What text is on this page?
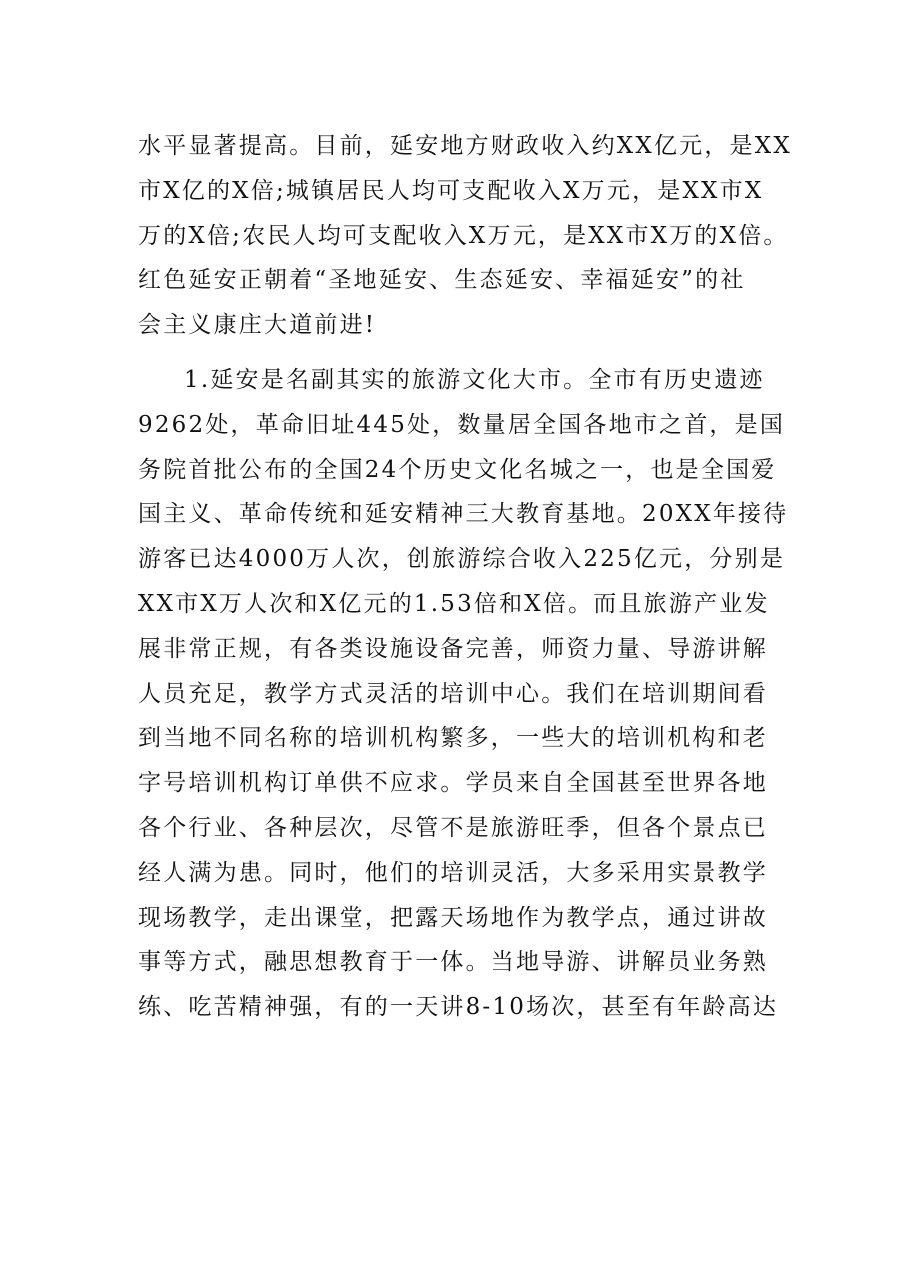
水平显著提高。目前，延安地方财政收入约XX亿元，是XX
市X亿的X倍;城镇居民人均可支配收入X万元，是XX市X
万的X倍;农民人均可支配收入X万元，是XX市X万的X倍。
红色延安正朝着“圣地延安、生态延安、幸福延安”的社
会主义康庄大道前进!
1.延安是名副其实的旅游文化大市。全市有历史遗迹
9262处，革命旧址445处，数量居全国各地市之首，是国
务院首批公布的全国24个历史文化名城之一，也是全国爱
国主义、革命传统和延安精神三大教育基地。20XX年接待
游客已达4000万人次，创旅游综合收入225亿元，分别是
XX市X万人次和X亿元的1.53倍和X倍。而且旅游产业发
展非常正规，有各类设施设备完善，师资力量、导游讲解
人员充足，教学方式灵活的培训中心。我们在培训期间看
到当地不同名称的培训机构繁多，一些大的培训机构和老
字号培训机构订单供不应求。学员来自全国甚至世界各地
各个行业、各种层次，尽管不是旅游旺季，但各个景点已
经人满为患。同时，他们的培训灵活，大多采用实景教学
现场教学，走出课堂，把露天场地作为教学点，通过讲故
事等方式，融思想教育于一体。当地导游、讲解员业务熟
练、吃苦精神强，有的一天讲8-10场次，甚至有年龄高达
